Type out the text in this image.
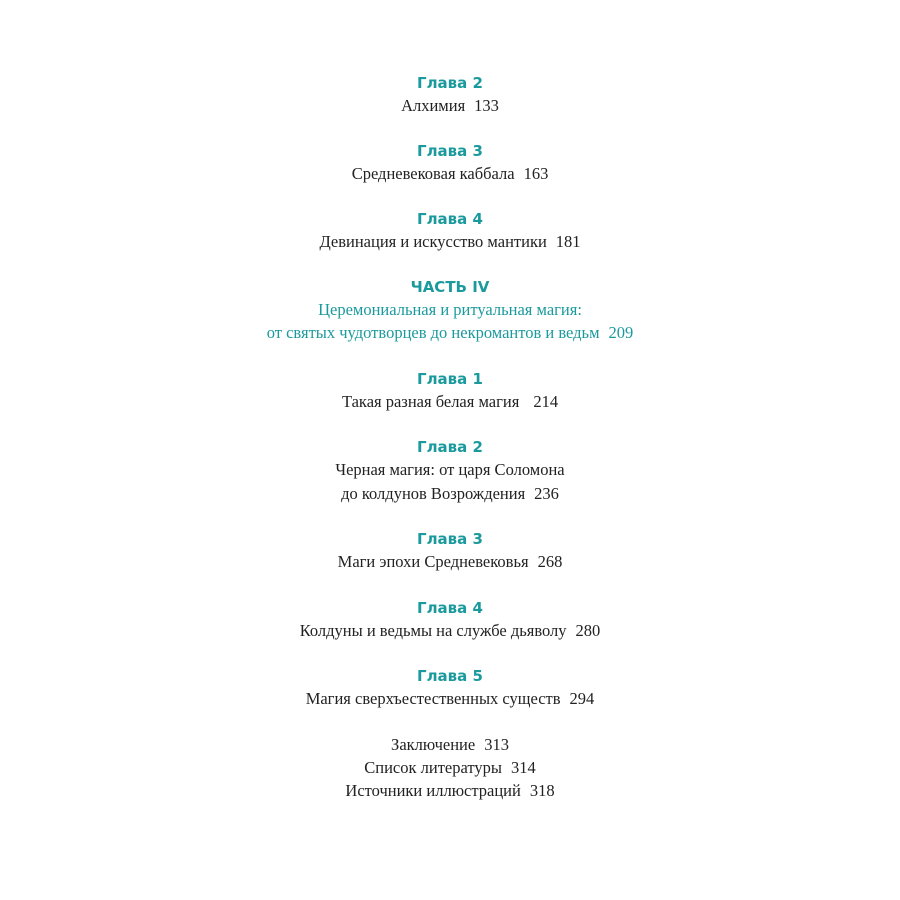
Глава 2
Алхимия 133
Глава 3
Средневековая каббала 163
Глава 4
Девинация и искусство мантики 181
ЧАСТЬ IV
Церемониальная и ритуальная магия:
от святых чудотворцев до некромантов и ведьм 209
Глава 1
Такая разная белая магия 214
Глава 2
Черная магия: от царя Соломона
до колдунов Возрождения 236
Глава 3
Маги эпохи Средневековья 268
Глава 4
Колдуны и ведьмы на службе дьяволу 280
Глава 5
Магия сверхъестественных существ 294
Заключение 313
Список литературы 314
Источники иллюстраций 318
